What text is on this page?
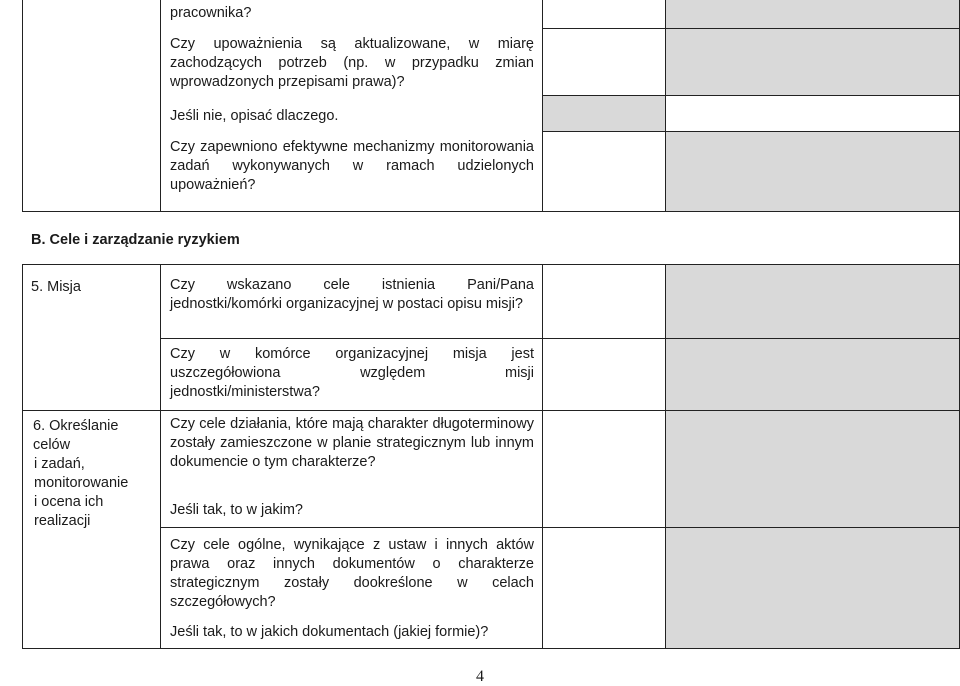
pracownika?
Czy upoważnienia są aktualizowane, w miarę zachodzących potrzeb (np. w przypadku zmian wprowadzonych przepisami prawa)?
Jeśli nie, opisać dlaczego.
Czy zapewniono efektywne mechanizmy monitorowania zadań wykonywanych w ramach udzielonych upoważnień?
B. Cele i zarządzanie ryzykiem
5. Misja	Czy wskazano cele istnienia Pani/Pana jednostki/komórki organizacyjnej w postaci opisu misji?
Czy w komórce organizacyjnej misja jest uszczegółowiona względem misji jednostki/ministerstwa?
6. Określanie celów
i zadań,
monitorowanie
i ocena ich
realizacji
Czy cele działania, które mają charakter długoterminowy zostały zamieszczone w planie strategicznym lub innym dokumencie o tym charakterze?
Jeśli tak, to w jakim?
Czy cele ogólne, wynikające z ustaw i innych aktów prawa oraz innych dokumentów o charakterze strategicznym zostały dookreślone w celach szczegółowych?
Jeśli tak, to w jakich dokumentach (jakiej formie)?
4
